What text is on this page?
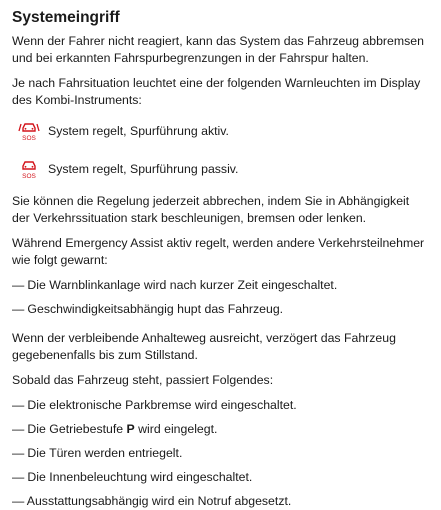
Systemeingriff

Wenn der Fahrer nicht reagiert, kann das System das Fahrzeug abbremsen und bei erkannten Fahrspurbegrenzungen in der Fahrspur halten.

Je nach Fahrsituation leuchtet eine der folgenden Warnleuchten im Display des Kombi-Instruments:

SOS
System regelt, Spurführung aktiv.
SOS
System regelt, Spurführung passiv.

Sie können die Regelung jederzeit abbrechen, indem Sie in Abhängigkeit der Verkehrssituation stark beschleunigen, bremsen oder lenken.

Während Emergency Assist aktiv regelt, werden andere Verkehrsteilnehmer wie folgt gewarnt:

— Die Warnblinkanlage wird nach kurzer Zeit eingeschaltet.
— Geschwindigkeitsabhängig hupt das Fahrzeug.

Wenn der verbleibende Anhalteweg ausreicht, verzögert das Fahrzeug gegebenenfalls bis zum Stillstand.

Sobald das Fahrzeug steht, passiert Folgendes:

— Die elektronische Parkbremse wird eingeschaltet.
— Die Getriebestufe P wird eingelegt.
— Die Türen werden entriegelt.
— Die Innenbeleuchtung wird eingeschaltet.
— Ausstattungsabhängig wird ein Notruf abgesetzt.
